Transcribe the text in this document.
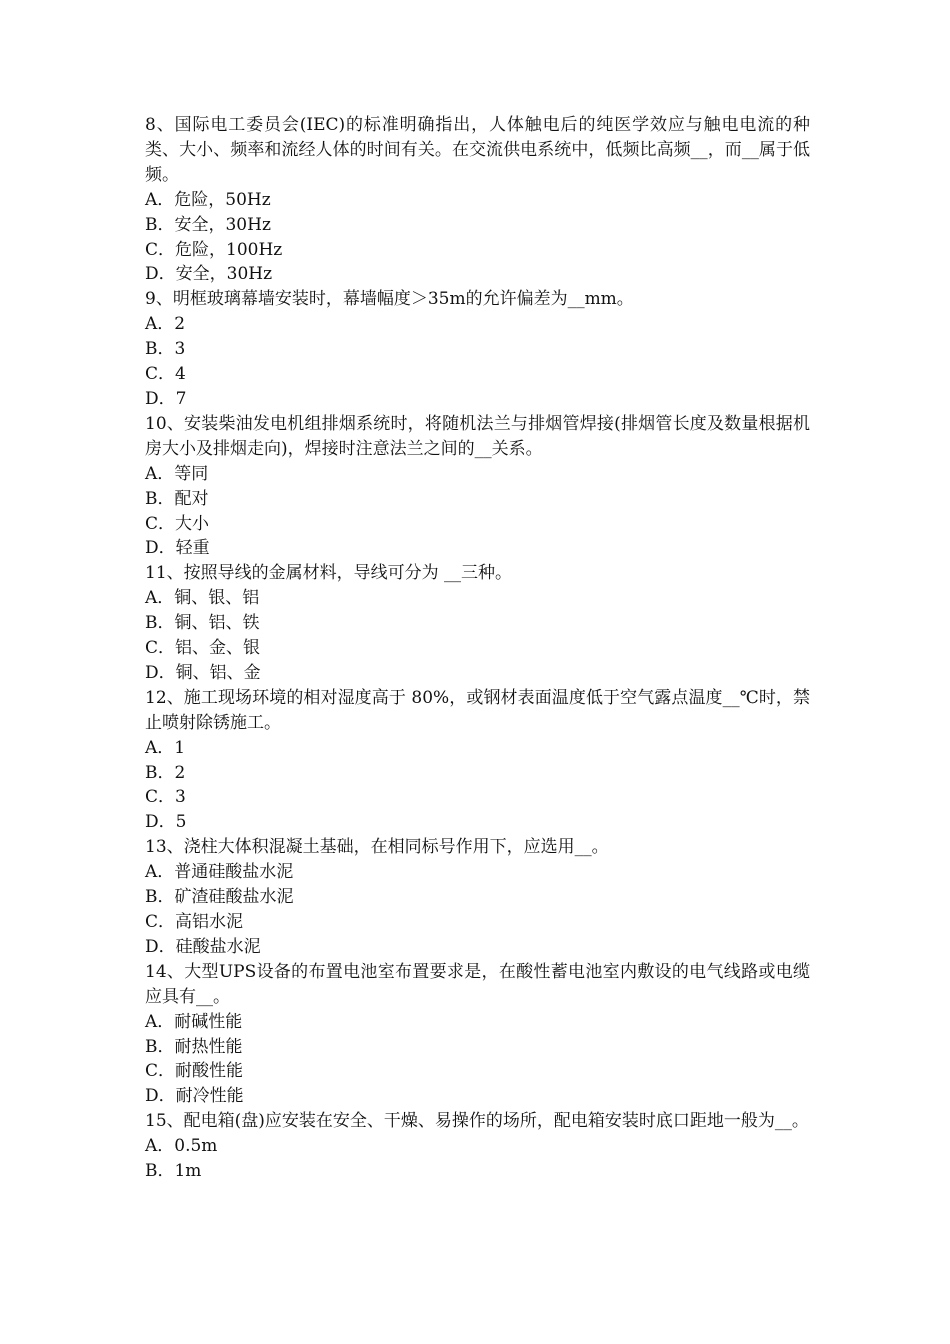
8、国际电工委员会(IEC)的标准明确指出，人体触电后的纯医学效应与触电电流的种类、大小、频率和流经人体的时间有关。在交流供电系统中，低频比高频__，而__属于低频。

A．危险，50Hz

B．安全，30Hz

C．危险，100Hz

D．安全，30Hz

9、明框玻璃幕墙安装时，幕墙幅度＞35m的允许偏差为__mm。

A．2

B．3

C．4

D．7

10、安装柴油发电机组排烟系统时，将随机法兰与排烟管焊接(排烟管长度及数量根据机房大小及排烟走向)，焊接时注意法兰之间的__关系。

A．等同

B．配对

C．大小

D．轻重

11、按照导线的金属材料，导线可分为 __三种。

A．铜、银、铝

B．铜、铝、铁

C．铝、金、银

D．铜、铝、金

12、施工现场环境的相对湿度高于 80%，或钢材表面温度低于空气露点温度__℃时，禁止喷射除锈施工。

A．1

B．2

C．3

D．5

13、浇柱大体积混凝土基础，在相同标号作用下，应选用__。

A．普通硅酸盐水泥

B．矿渣硅酸盐水泥

C．高铝水泥

D．硅酸盐水泥

14、大型UPS设备的布置电池室布置要求是，在酸性蓄电池室内敷设的电气线路或电缆应具有__。

A．耐碱性能

B．耐热性能

C．耐酸性能

D．耐冷性能

15、配电箱(盘)应安装在安全、干燥、易操作的场所，配电箱安装时底口距地一般为__。

A．0.5m

B．1m
